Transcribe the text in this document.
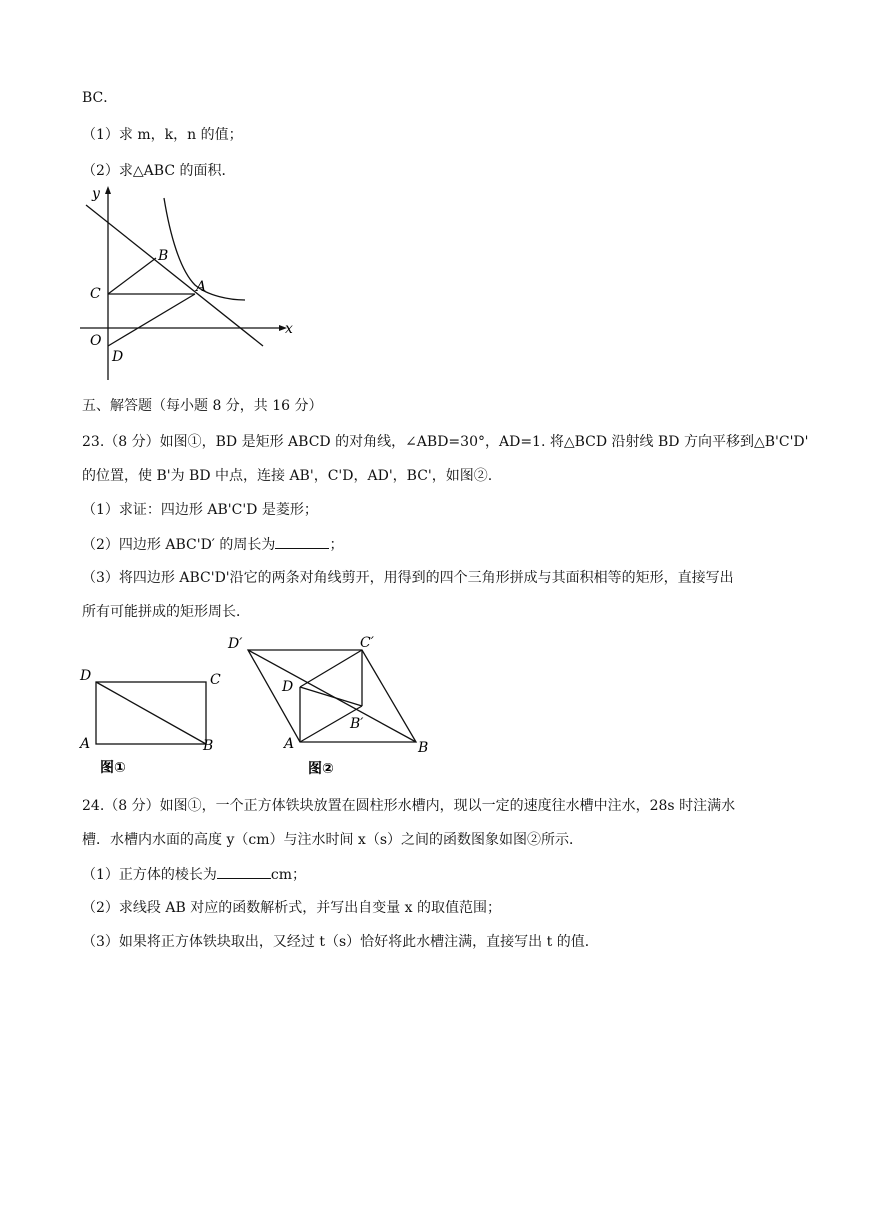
BC．
（1）求 m，k，n 的值；
（2）求△ABC 的面积．
y
x
O
B
C	A
D
五、解答题（每小题 8 分，共 16 分）
23.（8 分）如图①，BD 是矩形 ABCD 的对角线，∠ABD=30°，AD=1. 将△BCD 沿射线 BD 方向平移到△B'C'D'
的位置，使 B'为 BD 中点，连接 AB'，C'D，AD'，BC'，如图②.
（1）求证：四边形 AB'C'D 是菱形；
（2）四边形 ABC'D′ 的周长为	；
（3）将四边形 ABC'D'沿它的两条对角线剪开，用得到的四个三角形拼成与其面积相等的矩形，直接写出
所有可能拼成的矩形周长．
D	C
A	B
图①
D′	C′
D
B′
A	B
图②
24.（8 分）如图①，一个正方体铁块放置在圆柱形水槽内，现以一定的速度往水槽中注水，28s 时注满水
槽．水槽内水面的高度 y（cm）与注水时间 x（s）之间的函数图象如图②所示．
（1）正方体的棱长为	cm；
（2）求线段 AB 对应的函数解析式，并写出自变量 x 的取值范围；
（3）如果将正方体铁块取出，又经过 t（s）恰好将此水槽注满，直接写出 t 的值．
